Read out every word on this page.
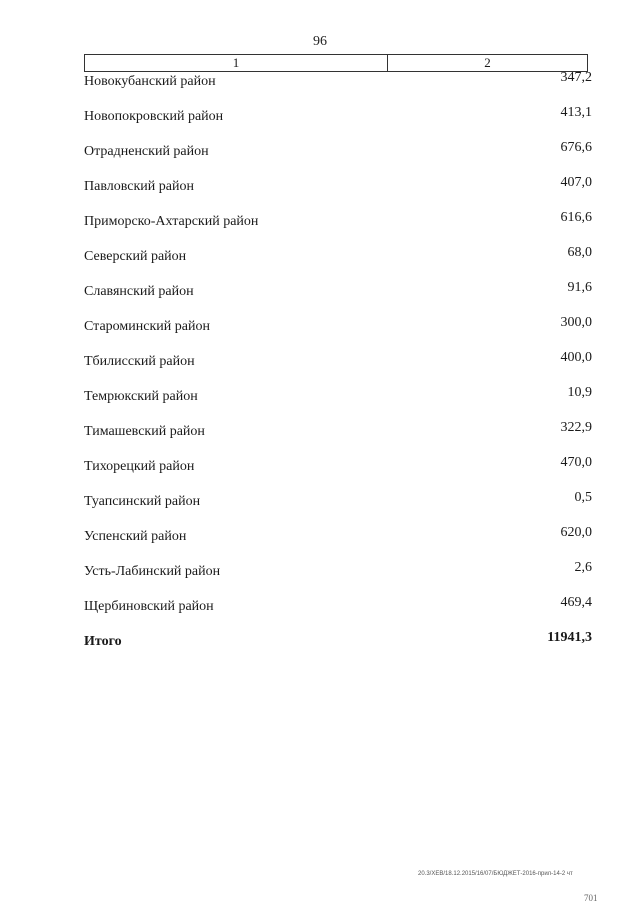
96
1	2
Новокубанский район	347,2
Новопокровский район	413,1
Отрадненский район	676,6
Павловский район	407,0
Приморско-Ахтарский район	616,6
Северский район	68,0
Славянский район	91,6
Староминский район	300,0
Тбилисский район	400,0
Темрюкский район	10,9
Тимашевский район	322,9
Тихорецкий район	470,0
Туапсинский район	0,5
Успенский район	620,0
Усть-Лабинский район	2,6
Щербиновский район	469,4
Итого	11941,3
20.3/ХЕВ/18.12.2015/16/07/БЮДЖЕТ-2016-прил-14-2 чт
701
